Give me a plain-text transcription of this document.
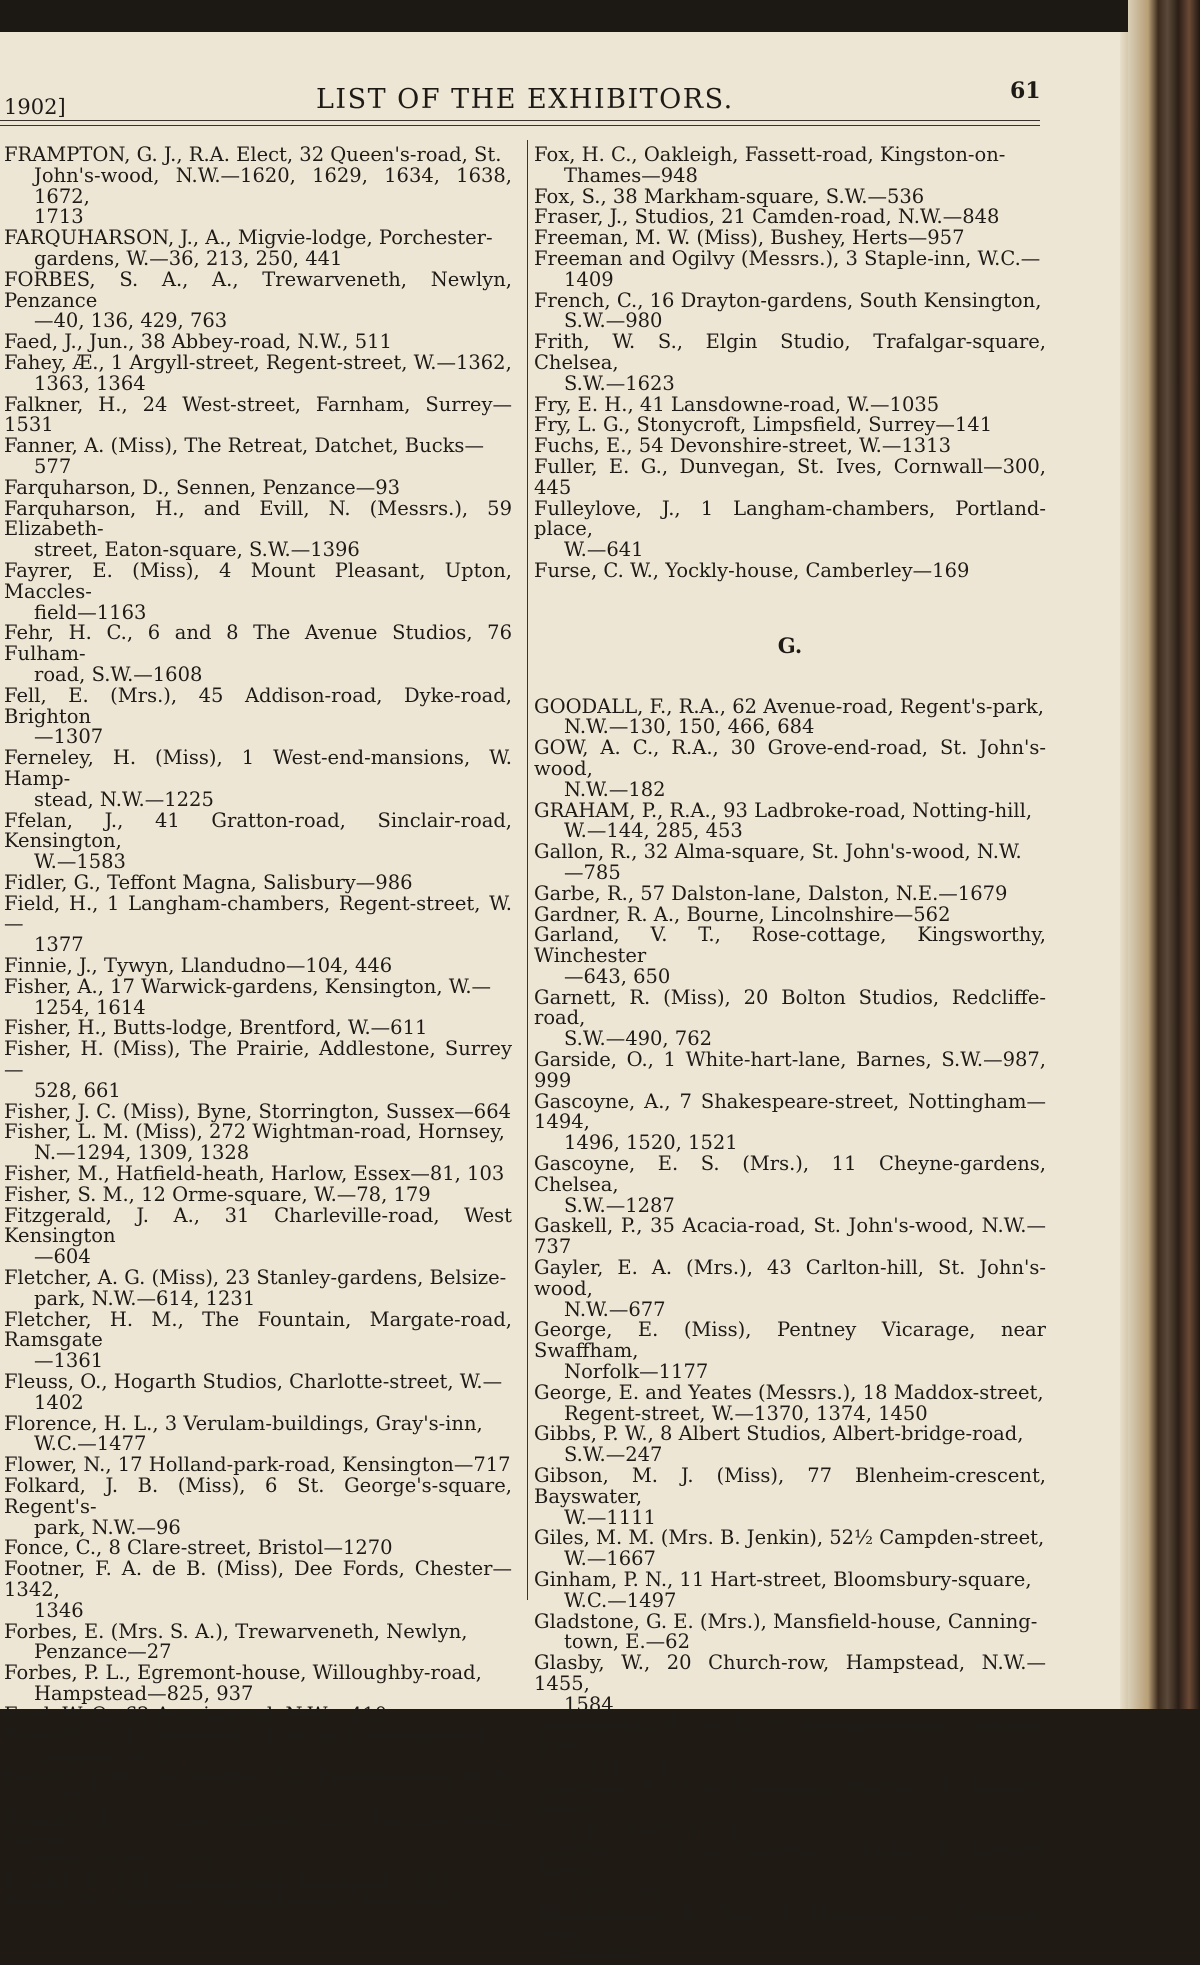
1902]	LIST OF THE EXHIBITORS.	61
FRAMPTON, G. J., R.A. Elect, 32 Queen's-road, St.
John's-wood, N.W.—1620, 1629, 1634, 1638, 1672,
1713
FARQUHARSON, J., A., Migvie-lodge, Porchester-
gardens, W.—36, 213, 250, 441
FORBES, S. A., A., Trewarveneth, Newlyn, Penzance
—40, 136, 429, 763
Faed, J., Jun., 38 Abbey-road, N.W., 511
Fahey, Æ., 1 Argyll-street, Regent-street, W.—1362,
1363, 1364
Falkner, H., 24 West-street, Farnham, Surrey—1531
Fanner, A. (Miss), The Retreat, Datchet, Bucks—
577
Farquharson, D., Sennen, Penzance—93
Farquharson, H., and Evill, N. (Messrs.), 59 Elizabeth-
street, Eaton-square, S.W.—1396
Fayrer, E. (Miss), 4 Mount Pleasant, Upton, Maccles-
field—1163
Fehr, H. C., 6 and 8 The Avenue Studios, 76 Fulham-
road, S.W.—1608
Fell, E. (Mrs.), 45 Addison-road, Dyke-road, Brighton
—1307
Ferneley, H. (Miss), 1 West-end-mansions, W. Hamp-
stead, N.W.—1225
Ffelan, J., 41 Gratton-road, Sinclair-road, Kensington,
W.—1583
Fidler, G., Teffont Magna, Salisbury—986
Field, H., 1 Langham-chambers, Regent-street, W.—
1377
Finnie, J., Tywyn, Llandudno—104, 446
Fisher, A., 17 Warwick-gardens, Kensington, W.—
1254, 1614
Fisher, H., Butts-lodge, Brentford, W.—611
Fisher, H. (Miss), The Prairie, Addlestone, Surrey—
528, 661
Fisher, J. C. (Miss), Byne, Storrington, Sussex—664
Fisher, L. M. (Miss), 272 Wightman-road, Hornsey,
N.—1294, 1309, 1328
Fisher, M., Hatfield-heath, Harlow, Essex—81, 103
Fisher, S. M., 12 Orme-square, W.—78, 179
Fitzgerald, J. A., 31 Charleville-road, West Kensington
—604
Fletcher, A. G. (Miss), 23 Stanley-gardens, Belsize-
park, N.W.—614, 1231
Fletcher, H. M., The Fountain, Margate-road, Ramsgate
—1361
Fleuss, O., Hogarth Studios, Charlotte-street, W.—
1402
Florence, H. L., 3 Verulam-buildings, Gray's-inn,
W.C.—1477
Flower, N., 17 Holland-park-road, Kensington—717
Folkard, J. B. (Miss), 6 St. George's-square, Regent's-
park, N.W.—96
Fonce, C., 8 Clare-street, Bristol—1270
Footner, F. A. de B. (Miss), Dee Fords, Chester—1342,
1346
Forbes, E. (Mrs. S. A.), Trewarveneth, Newlyn,
Penzance—27
Forbes, P. L., Egremont-house, Willoughby-road,
Hampstead—825, 937
Ford, W. O., 62 Acacia-road, N.W.—410
Formilli, C., 6 Wentworth Studios, Manresa-road,
Chelsea—803
Forsyth, J. D., The Studios, 325 Finchley-road, N.W.
1434
Forsyth, J. N., The Studios, 325 Finchley-road, Hamp-
stead, N.W.—1718
Fowler, R., 10L Castle-street, Liverpool—193
Fowler, W., Ivydene, Mortlake-road, Kew—692
Fox, H. C., Oakleigh, Fassett-road, Kingston-on-
Thames—948
Fox, S., 38 Markham-square, S.W.—536
Fraser, J., Studios, 21 Camden-road, N.W.—848
Freeman, M. W. (Miss), Bushey, Herts—957
Freeman and Ogilvy (Messrs.), 3 Staple-inn, W.C.—
1409
French, C., 16 Drayton-gardens, South Kensington,
S.W.—980
Frith, W. S., Elgin Studio, Trafalgar-square, Chelsea,
S.W.—1623
Fry, E. H., 41 Lansdowne-road, W.—1035
Fry, L. G., Stonycroft, Limpsfield, Surrey—141
Fuchs, E., 54 Devonshire-street, W.—1313
Fuller, E. G., Dunvegan, St. Ives, Cornwall—300, 445
Fulleylove, J., 1 Langham-chambers, Portland-place,
W.—641
Furse, C. W., Yockly-house, Camberley—169
G.
GOODALL, F., R.A., 62 Avenue-road, Regent's-park,
N.W.—130, 150, 466, 684
GOW, A. C., R.A., 30 Grove-end-road, St. John's-wood,
N.W.—182
GRAHAM, P., R.A., 93 Ladbroke-road, Notting-hill,
W.—144, 285, 453
Gallon, R., 32 Alma-square, St. John's-wood, N.W.
—785
Garbe, R., 57 Dalston-lane, Dalston, N.E.—1679
Gardner, R. A., Bourne, Lincolnshire—562
Garland, V. T., Rose-cottage, Kingsworthy, Winchester
—643, 650
Garnett, R. (Miss), 20 Bolton Studios, Redcliffe-road,
S.W.—490, 762
Garside, O., 1 White-hart-lane, Barnes, S.W.—987, 999
Gascoyne, A., 7 Shakespeare-street, Nottingham—1494,
1496, 1520, 1521
Gascoyne, E. S. (Mrs.), 11 Cheyne-gardens, Chelsea,
S.W.—1287
Gaskell, P., 35 Acacia-road, St. John's-wood, N.W.—737
Gayler, E. A. (Mrs.), 43 Carlton-hill, St. John's-wood,
N.W.—677
George, E. (Miss), Pentney Vicarage, near Swaffham,
Norfolk—1177
George, E. and Yeates (Messrs.), 18 Maddox-street,
Regent-street, W.—1370, 1374, 1450
Gibbs, P. W., 8 Albert Studios, Albert-bridge-road,
S.W.—247
Gibson, M. J. (Miss), 77 Blenheim-crescent, Bayswater,
W.—1111
Giles, M. M. (Mrs. B. Jenkin), 52½ Campden-street,
W.—1667
Ginham, P. N., 11 Hart-street, Bloomsbury-square,
W.C.—1497
Gladstone, G. E. (Mrs.), Mansfield-house, Canning-
town, E.—62
Glasby, W., 20 Church-row, Hampstead, N.W.—1455,
1584
Glazebrook, H. de T., 76 Elm-park-road, Chelsea, S.W.
—308, 391
Gleichen, F. (The Countess), Studio, St. James's Palace,
S.W.—1601, 1613
Gleichen, H. (The Countess), Studio, St. James's Palace,
S.W.—768
Glendenning, A., Jun., 1 Manor-villas, Chiswick-lane,
W.—407
